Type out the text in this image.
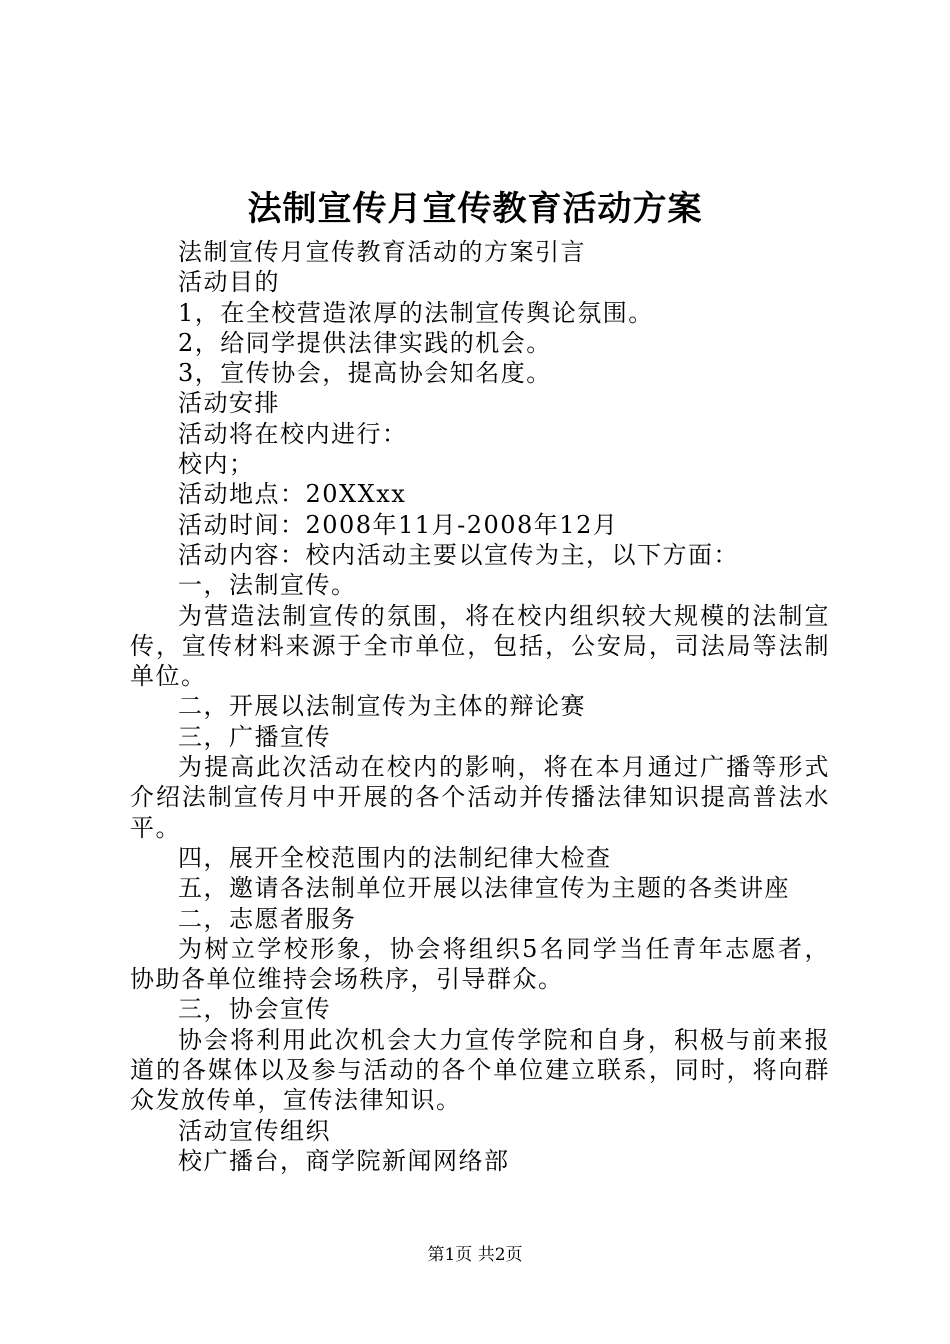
法制宣传月宣传教育活动方案

法制宣传月宣传教育活动的方案引言

活动目的

1，在全校营造浓厚的法制宣传舆论氛围。

2，给同学提供法律实践的机会。

3，宣传协会，提高协会知名度。

活动安排

活动将在校内进行：

校内；

活动地点：20XXxx

活动时间：2008年11月-2008年12月

活动内容：校内活动主要以宣传为主，以下方面：

一，法制宣传。

为营造法制宣传的氛围，将在校内组织较大规模的法制宣传，宣传材料来源于全市单位，包括，公安局，司法局等法制单位。

二，开展以法制宣传为主体的辩论赛

三，广播宣传

为提高此次活动在校内的影响，将在本月通过广播等形式介绍法制宣传月中开展的各个活动并传播法律知识提高普法水平。

四，展开全校范围内的法制纪律大检查

五，邀请各法制单位开展以法律宣传为主题的各类讲座

二，志愿者服务

为树立学校形象，协会将组织5名同学当任青年志愿者，协助各单位维持会场秩序，引导群众。

三，协会宣传

协会将利用此次机会大力宣传学院和自身，积极与前来报道的各媒体以及参与活动的各个单位建立联系，同时，将向群众发放传单，宣传法律知识。

活动宣传组织

校广播台，商学院新闻网络部

第1页 共2页
